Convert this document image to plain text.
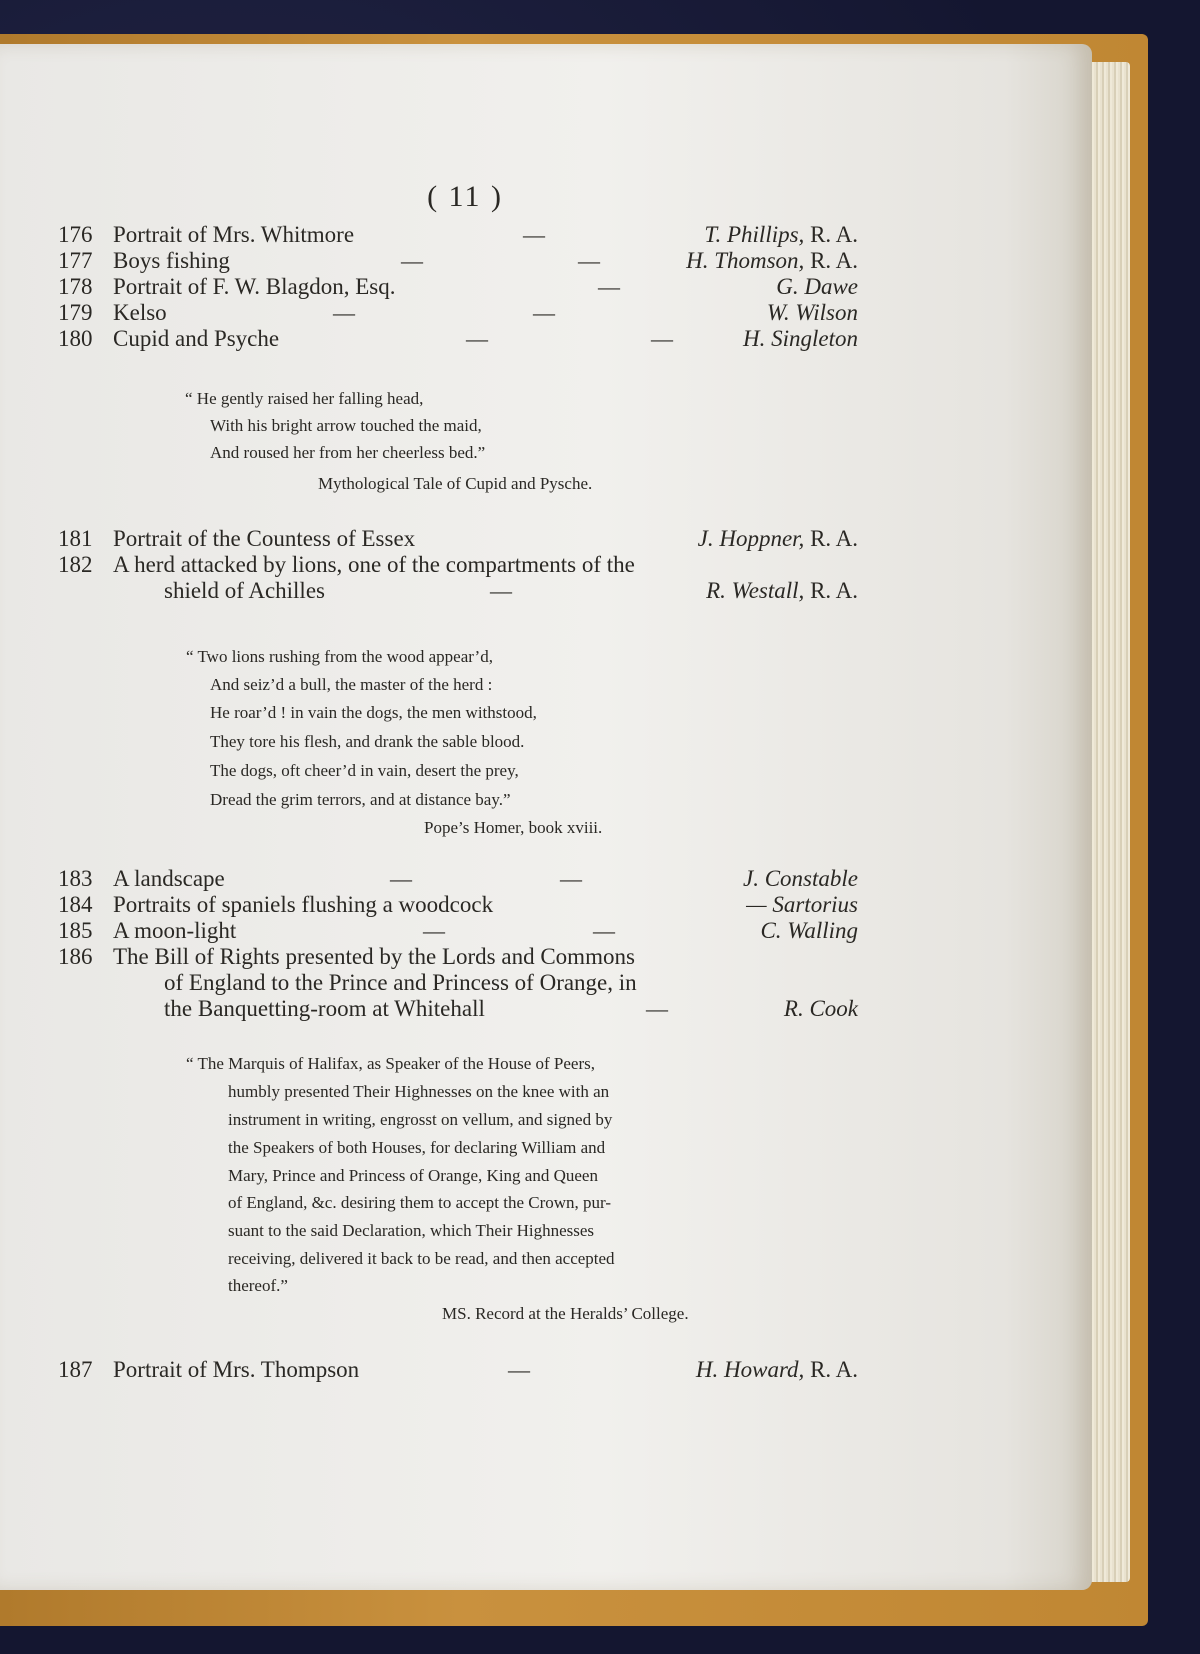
( 11 )
176 Portrait of Mrs. Whitmore	—	T. Phillips, R. A.
177 Boys fishing	—	—	H. Thomson, R. A.
178 Portrait of F. W. Blagdon, Esq.	—	G. Dawe
179 Kelso	—	—	W. Wilson
180 Cupid and Psyche	—	—	H. Singleton
“ He gently raised her falling head,
With his bright arrow touched the maid,
And roused her from her cheerless bed.”
Mythological Tale of Cupid and Pysche.
181 Portrait of the Countess of Essex	J. Hoppner, R. A.
182 A herd attacked by lions, one of the compartments of the
shield of Achilles	—	R. Westall, R. A.
“ Two lions rushing from the wood appear’d,
And seiz’d a bull, the master of the herd :
He roar’d ! in vain the dogs, the men withstood,
They tore his flesh, and drank the sable blood.
The dogs, oft cheer’d in vain, desert the prey,
Dread the grim terrors, and at distance bay.”
Pope’s Homer, book xviii.
183 A landscape	—	—	J. Constable
184 Portraits of spaniels flushing a woodcock	— Sartorius
185 A moon-light	—	—	C. Walling
186 The Bill of Rights presented by the Lords and Commons
of England to the Prince and Princess of Orange, in
the Banquetting-room at Whitehall	—	R. Cook
“ The Marquis of Halifax, as Speaker of the House of Peers,
humbly presented Their Highnesses on the knee with an
instrument in writing, engrosst on vellum, and signed by
the Speakers of both Houses, for declaring William and
Mary, Prince and Princess of Orange, King and Queen
of England, &c. desiring them to accept the Crown, pur-
suant to the said Declaration, which Their Highnesses
receiving, delivered it back to be read, and then accepted
thereof.”
MS. Record at the Heralds’ College.
187 Portrait of Mrs. Thompson	—	H. Howard, R. A.
